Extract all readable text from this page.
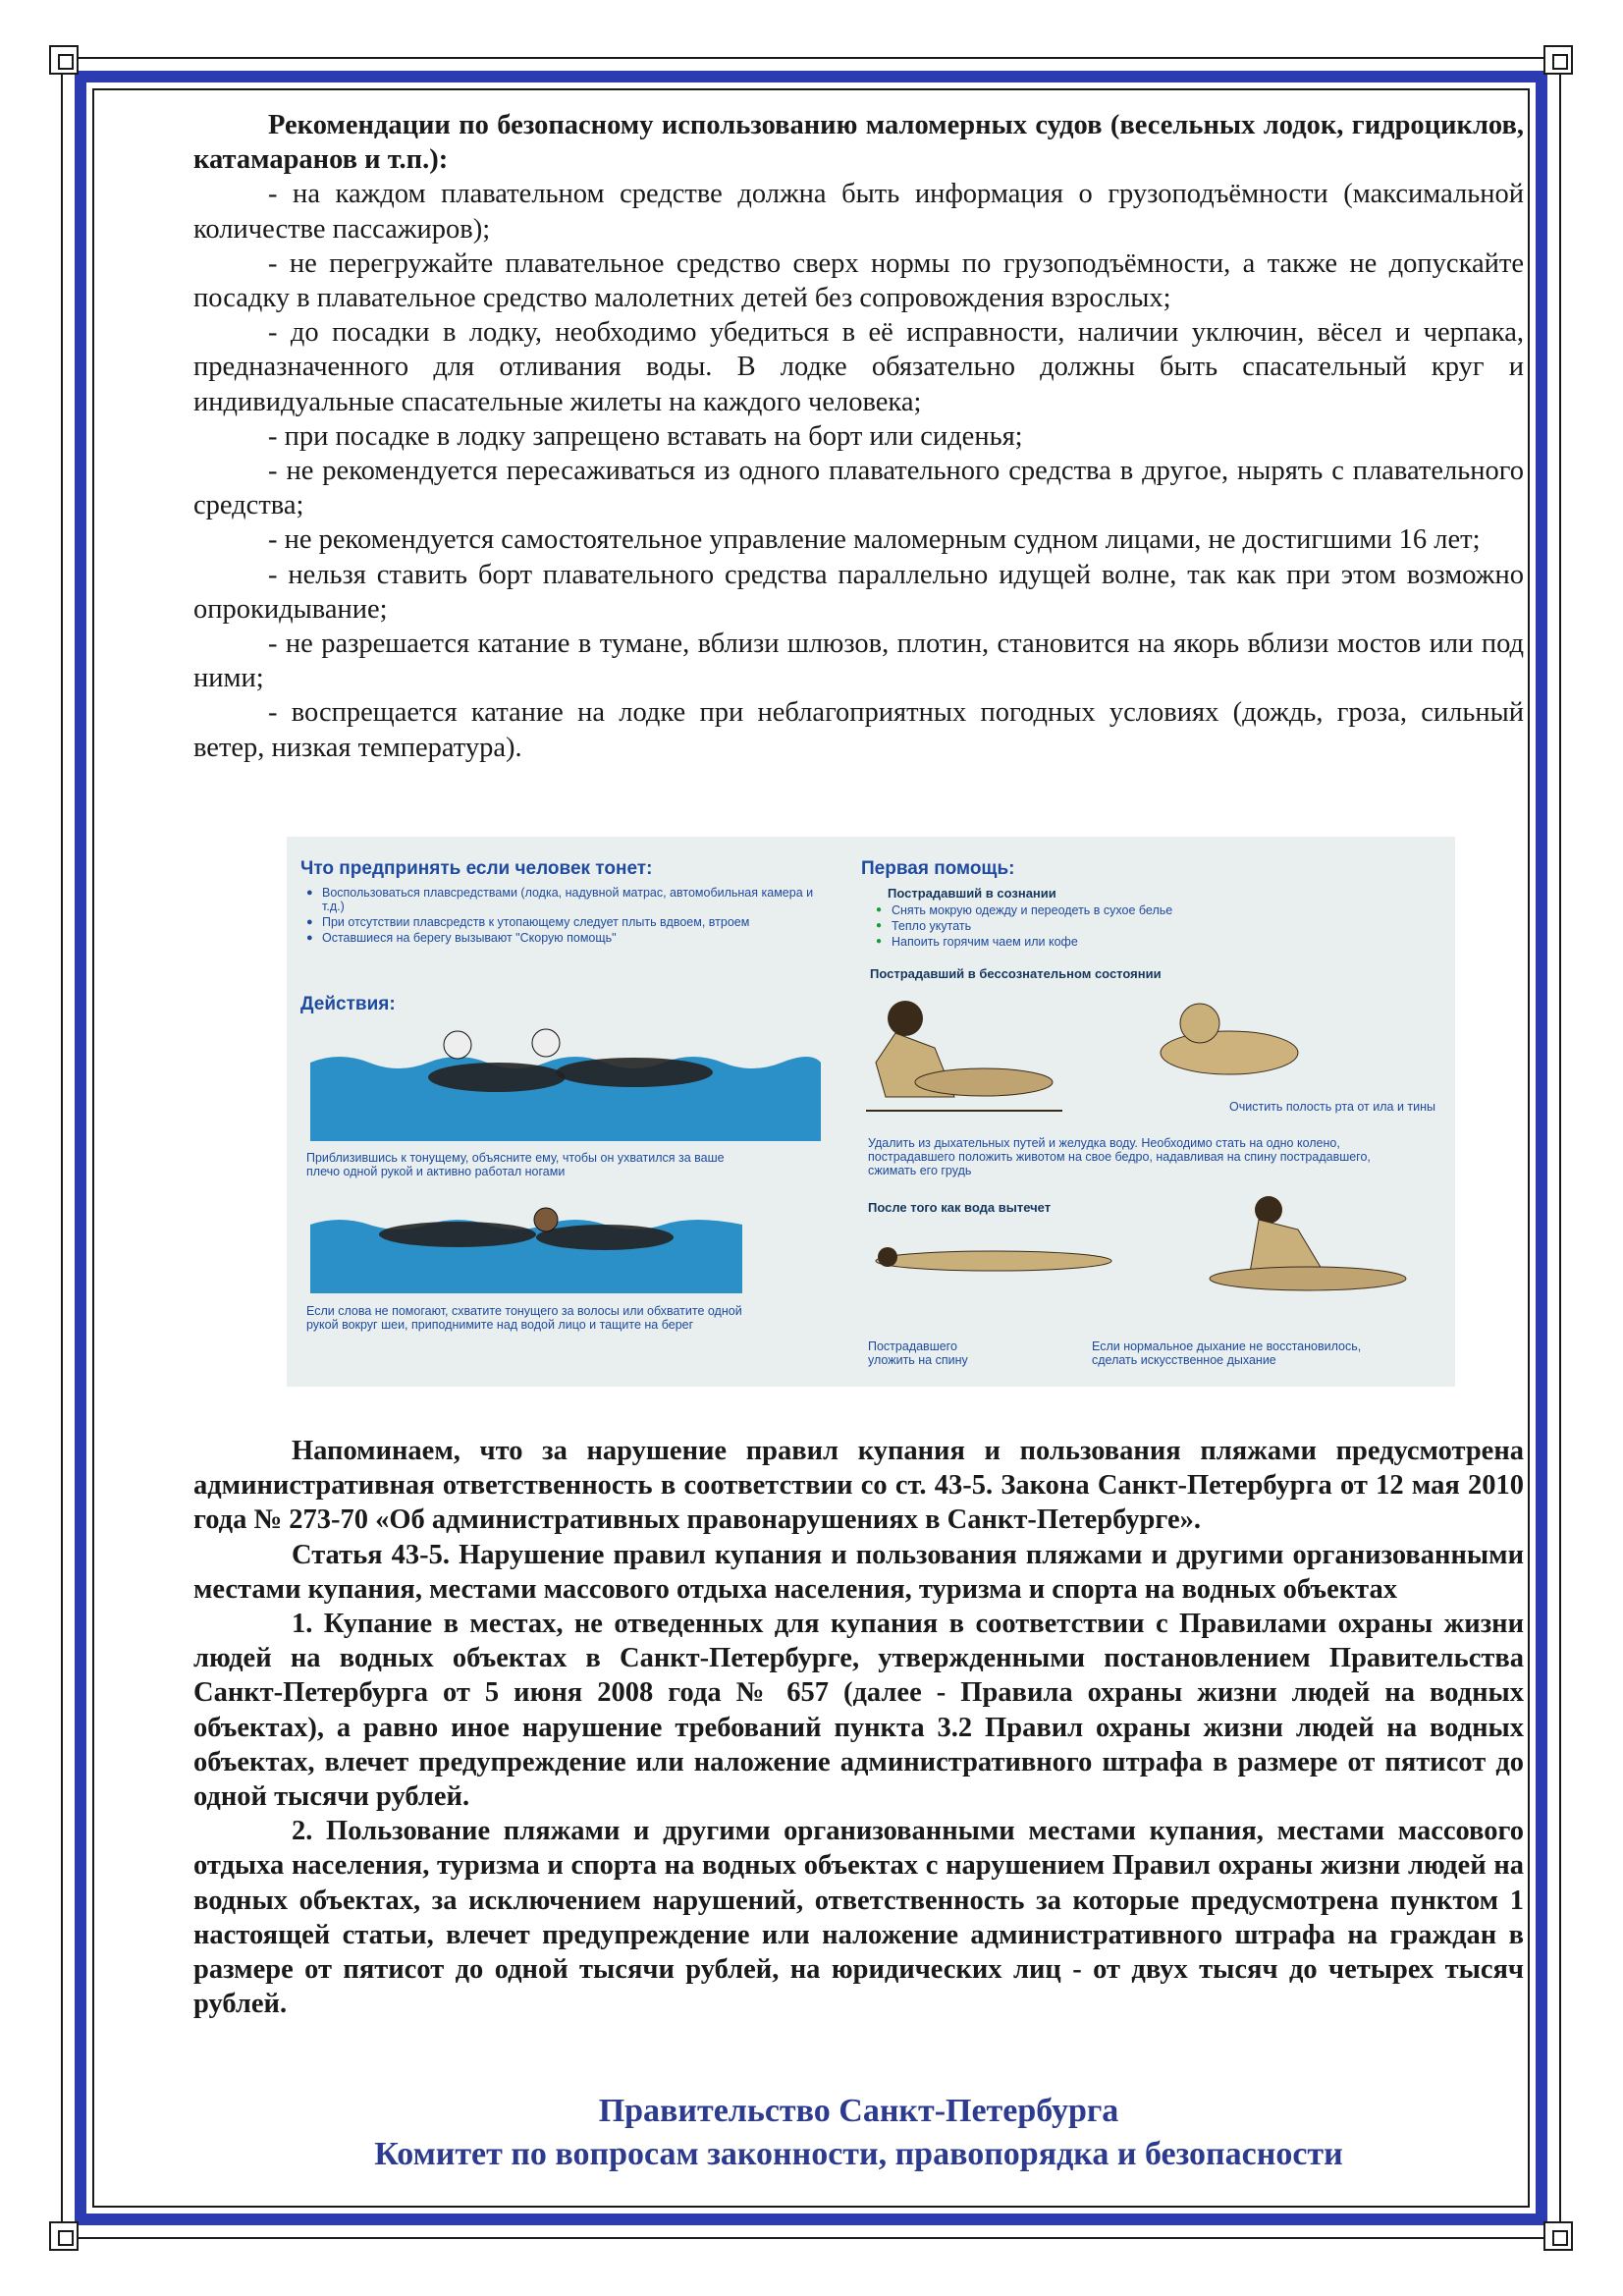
Рекомендации по безопасному использованию маломерных судов (весельных лодок, гидроциклов, катамаранов и т.п.):
- на каждом плавательном средстве должна быть информация о грузоподъёмности (максимальной количестве пассажиров);
- не перегружайте плавательное средство сверх нормы по грузоподъёмности, а также не допускайте посадку в плавательное средство малолетних детей без сопровождения взрослых;
- до посадки в лодку, необходимо убедиться в её исправности, наличии уключин, вёсел и черпака, предназначенного для отливания воды. В лодке обязательно должны быть спасательный круг и индивидуальные спасательные жилеты на каждого человека;
- при посадке в лодку запрещено вставать на борт или сиденья;
- не рекомендуется пересаживаться из одного плавательного средства в другое, нырять с плавательного средства;
- не рекомендуется самостоятельное управление маломерным судном лицами, не достигшими 16 лет;
- нельзя ставить борт плавательного средства параллельно идущей волне, так как при этом возможно опрокидывание;
- не разрешается катание в тумане, вблизи шлюзов, плотин, становится на якорь вблизи мостов или под ними;
- воспрещается катание на лодке при неблагоприятных погодных условиях (дождь, гроза, сильный ветер, низкая температура).
Что предпринять если человек тонет:
● Воспользоваться плавсредствами (лодка, надувной матрас, автомобильная камера и т.д.)
● При отсутствии плавсредств к утопающему следует плыть вдвоем, втроем
● Оставшиеся на берегу вызывают "Скорую помощь"
Действия:
Приблизившись к тонущему, объясните ему, чтобы он ухватился за ваше плечо одной рукой и активно работал ногами
Если слова не помогают, схватите тонущего за волосы или обхватите одной рукой вокруг шеи, приподнимите над водой лицо и тащите на берег
Первая помощь:
Пострадавший в сознании
● Снять мокрую одежду и переодеть в сухое белье
● Тепло укутать
● Напоить горячим чаем или кофе
Пострадавший в бессознательном состоянии
Очистить полость рта от ила и тины
Удалить из дыхательных путей и желудка воду. Необходимо стать на одно колено, пострадавшего положить животом на свое бедро, надавливая на спину пострадавшего, сжимать его грудь
После того как вода вытечет
Пострадавшего уложить на спину
Если нормальное дыхание не восстановилось, сделать искусственное дыхание
Напоминаем, что за нарушение правил купания и пользования пляжами предусмотрена административная ответственность в соответствии со ст. 43-5. Закона Санкт-Петербурга от 12 мая 2010 года № 273-70 «Об административных правонарушениях в Санкт-Петербурге».
Статья 43-5. Нарушение правил купания и пользования пляжами и другими организованными местами купания, местами массового отдыха населения, туризма и спорта на водных объектах
1. Купание в местах, не отведенных для купания в соответствии с Правилами охраны жизни людей на водных объектах в Санкт-Петербурге, утвержденными постановлением Правительства Санкт-Петербурга от 5 июня 2008 года № 657 (далее - Правила охраны жизни людей на водных объектах), а равно иное нарушение требований пункта 3.2 Правил охраны жизни людей на водных объектах, влечет предупреждение или наложение административного штрафа в размере от пятисот до одной тысячи рублей.
2. Пользование пляжами и другими организованными местами купания, местами массового отдыха населения, туризма и спорта на водных объектах с нарушением Правил охраны жизни людей на водных объектах, за исключением нарушений, ответственность за которые предусмотрена пунктом 1 настоящей статьи, влечет предупреждение или наложение административного штрафа на граждан в размере от пятисот до одной тысячи рублей, на юридических лиц - от двух тысяч до четырех тысяч рублей.
Правительство Санкт-Петербурга
Комитет по вопросам законности, правопорядка и безопасности
